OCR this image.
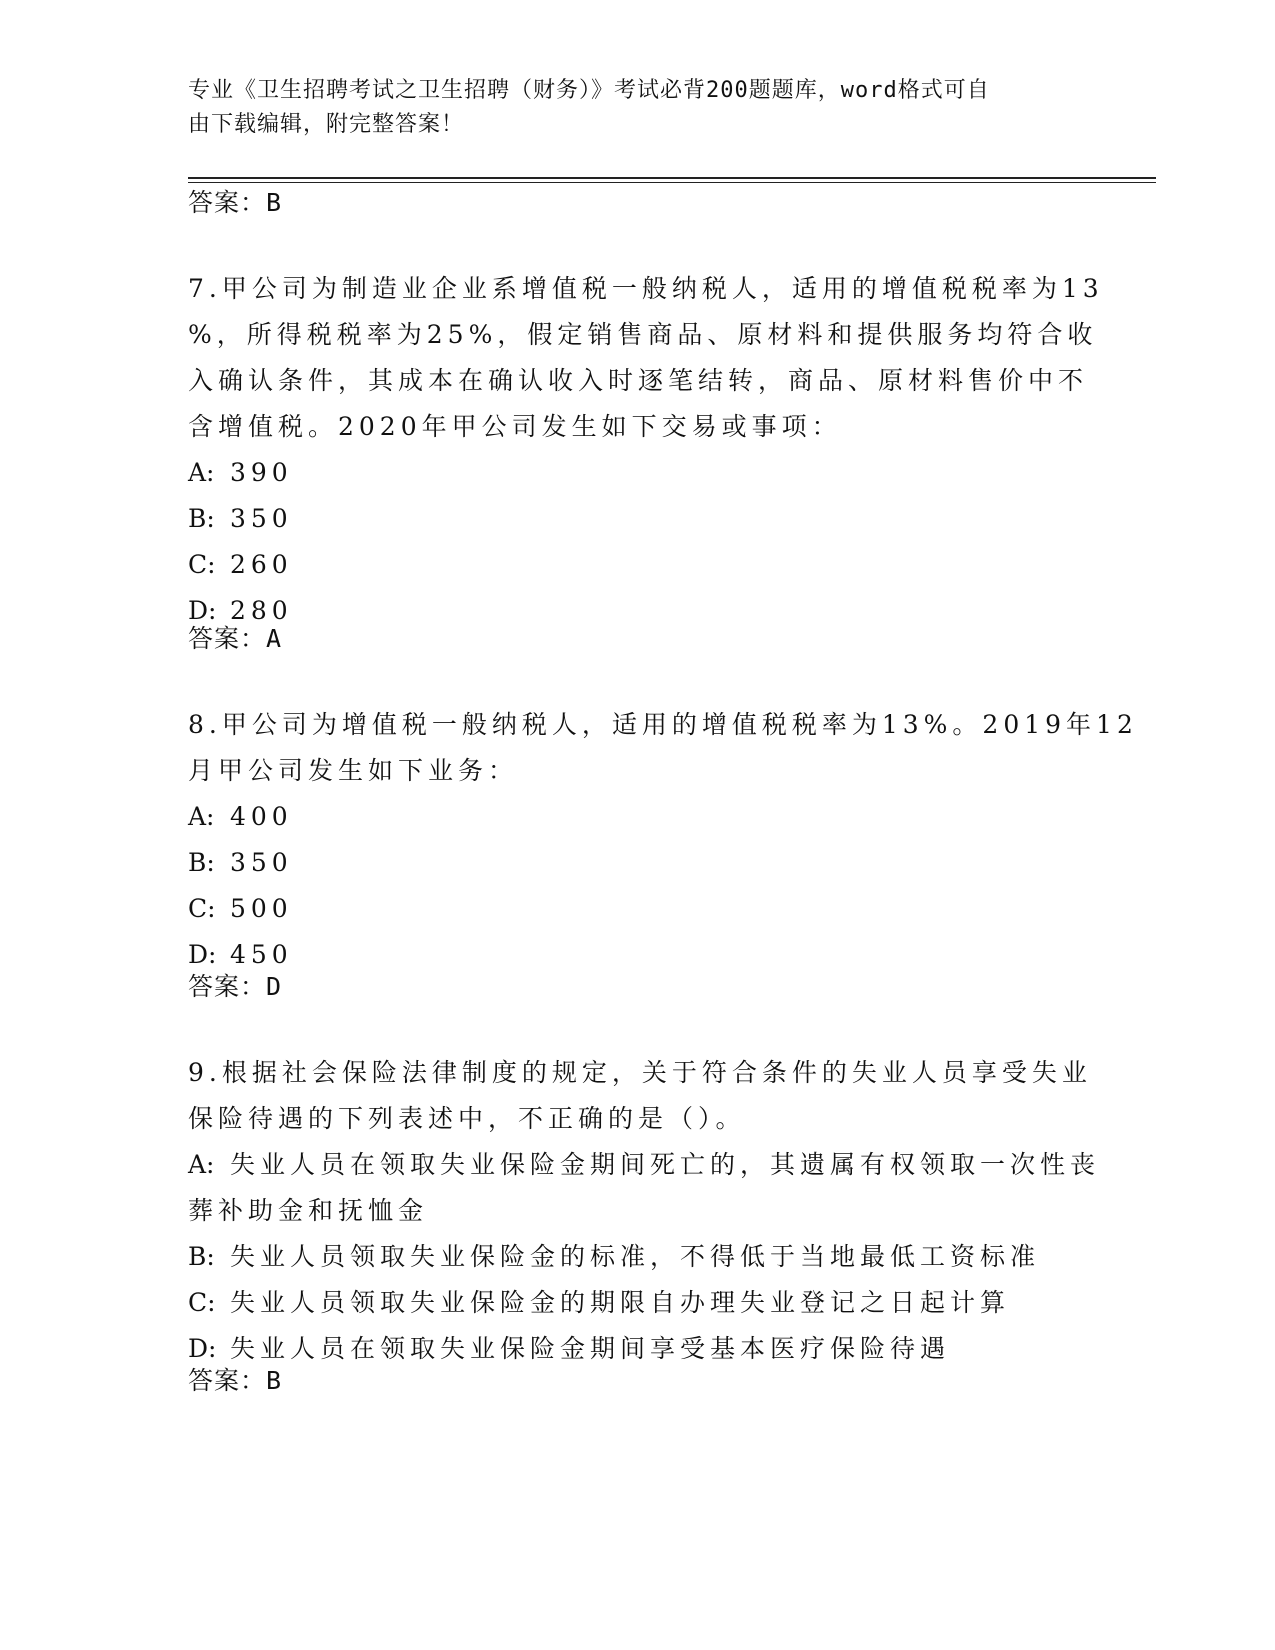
专业《卫生招聘考试之卫生招聘（财务）》考试必背200题题库，word格式可自
由下载编辑，附完整答案！
答案：B
7.甲公司为制造业企业系增值税一般纳税人，适用的增值税税率为13
%，所得税税率为25%，假定销售商品、原材料和提供服务均符合收
入确认条件，其成本在确认收入时逐笔结转，商品、原材料售价中不
含增值税。2020年甲公司发生如下交易或事项：
A: 390
B: 350
C: 260
D: 280
答案：A
8.甲公司为增值税一般纳税人，适用的增值税税率为13%。2019年12
月甲公司发生如下业务：
A: 400
B: 350
C: 500
D: 450
答案：D
9.根据社会保险法律制度的规定，关于符合条件的失业人员享受失业
保险待遇的下列表述中，不正确的是（）。
A: 失业人员在领取失业保险金期间死亡的，其遗属有权领取一次性丧
葬补助金和抚恤金
B: 失业人员领取失业保险金的标准，不得低于当地最低工资标准
C: 失业人员领取失业保险金的期限自办理失业登记之日起计算
D: 失业人员在领取失业保险金期间享受基本医疗保险待遇
答案：B
